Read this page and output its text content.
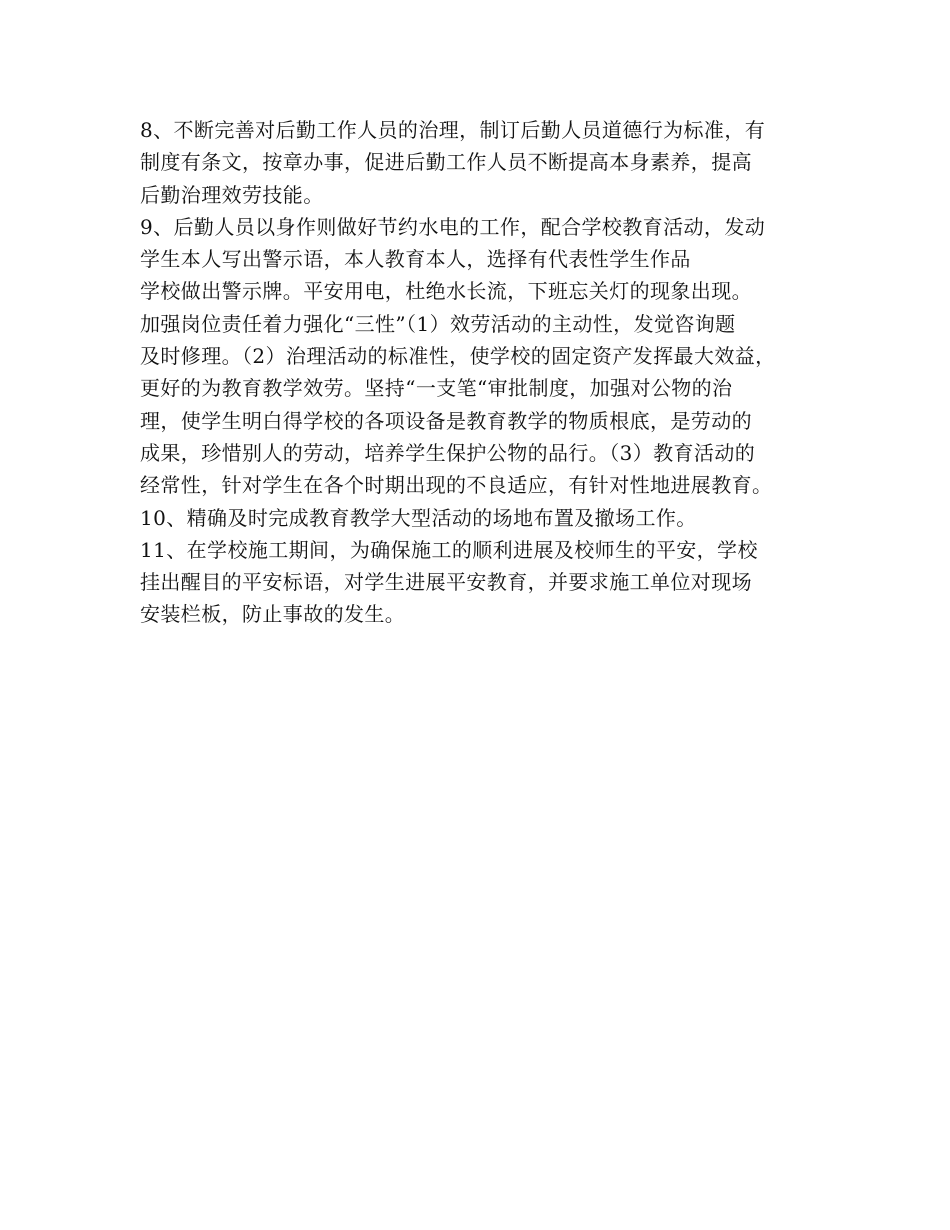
8、不断完善对后勤工作人员的治理，制订后勤人员道德行为标准，有
制度有条文，按章办事，促进后勤工作人员不断提高本身素养，提高
后勤治理效劳技能。
9、后勤人员以身作则做好节约水电的工作，配合学校教育活动，发动
学生本人写出警示语，本人教育本人，选择有代表性学生作品
学校做出警示牌。平安用电，杜绝水长流，下班忘关灯的现象出现。
加强岗位责任着力强化“三性”（1）效劳活动的主动性，发觉咨询题
及时修理。（2）治理活动的标准性，使学校的固定资产发挥最大效益，
更好的为教育教学效劳。坚持“一支笔“审批制度，加强对公物的治
理，使学生明白得学校的各项设备是教育教学的物质根底，是劳动的
成果，珍惜别人的劳动，培养学生保护公物的品行。（3）教育活动的
经常性，针对学生在各个时期出现的不良适应，有针对性地进展教育。
10、精确及时完成教育教学大型活动的场地布置及撤场工作。
11、在学校施工期间，为确保施工的顺利进展及校师生的平安，学校
挂出醒目的平安标语，对学生进展平安教育，并要求施工单位对现场
安装栏板，防止事故的发生。
